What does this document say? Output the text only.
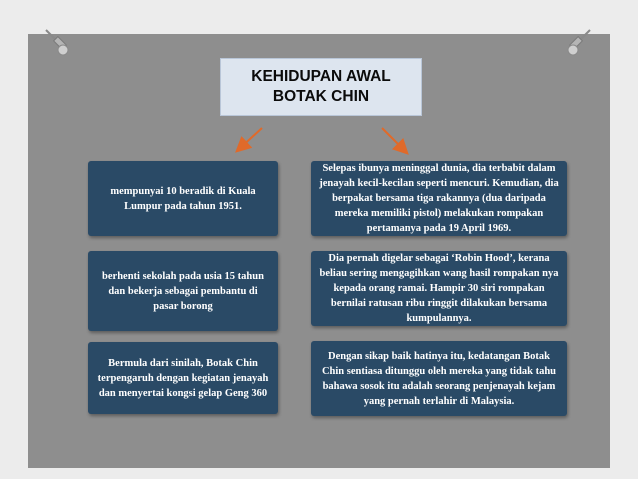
KEHIDUPAN AWAL
BOTAK CHIN
mempunyai 10 beradik di Kuala Lumpur pada tahun 1951.
berhenti sekolah pada usia 15 tahun dan bekerja sebagai pembantu di pasar borong
Bermula dari sinilah, Botak Chin terpengaruh dengan kegiatan jenayah dan menyertai kongsi gelap Geng 360
Selepas ibunya meninggal dunia, dia terbabit dalam jenayah kecil-kecilan seperti mencuri. Kemudian, dia berpakat bersama tiga rakannya (dua daripada mereka memiliki pistol) melakukan rompakan pertamanya pada 19 April 1969.
Dia pernah digelar sebagai ‘Robin Hood’, kerana beliau sering mengagihkan wang hasil rompakan nya kepada orang ramai. Hampir 30 siri rompakan bernilai ratusan ribu ringgit dilakukan bersama kumpulannya.
Dengan sikap baik hatinya itu, kedatangan Botak Chin sentiasa ditunggu oleh mereka yang tidak tahu bahawa sosok itu adalah seorang penjenayah kejam yang pernah terlahir di Malaysia.
